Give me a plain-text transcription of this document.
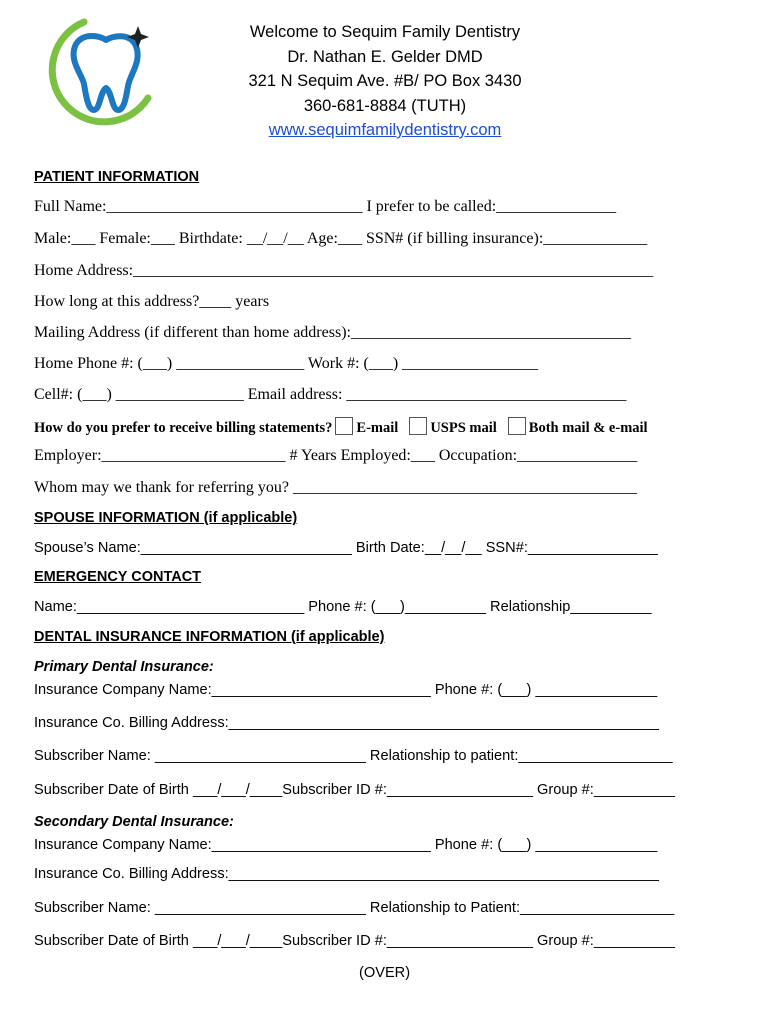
Welcome to Sequim Family Dentistry
Dr. Nathan E. Gelder DMD
321 N Sequim Ave. #B/ PO Box 3430
360-681-8884 (TUTH)
www.sequimfamilydentistry.com
PATIENT INFORMATION
Full Name:________________________________ I prefer to be called:_______________
Male:___ Female:___ Birthdate: __/__/__ Age:___ SSN# (if billing insurance):_____________
Home Address:_________________________________________________________________
How long at this address?____ years
Mailing Address (if different than home address):___________________________________
Home Phone #: (___) ________________ Work #: (___) _________________
Cell#: (___) ________________ Email address: ___________________________________
How do you prefer to receive billing statements? E-mail USPS mail Both mail & e-mail
Employer:_______________________ # Years Employed:___ Occupation:_______________
Whom may we thank for referring you? ___________________________________________
SPOUSE INFORMATION (if applicable)
Spouse’s Name:__________________________ Birth Date:__/__/__ SSN#:________________
EMERGENCY CONTACT
Name:____________________________ Phone #: (___)__________ Relationship__________
DENTAL INSURANCE INFORMATION (if applicable)
Primary Dental Insurance:
Insurance Company Name:___________________________ Phone #: (___) _______________
Insurance Co. Billing Address:_____________________________________________________
Subscriber Name: __________________________ Relationship to patient:___________________
Subscriber Date of Birth ___/___/____Subscriber ID #:__________________ Group #:__________
Secondary Dental Insurance:
Insurance Company Name:___________________________ Phone #: (___) _______________
Insurance Co. Billing Address:_____________________________________________________
Subscriber Name: __________________________ Relationship to Patient:___________________
Subscriber Date of Birth ___/___/____Subscriber ID #:__________________ Group #:__________
(OVER)
